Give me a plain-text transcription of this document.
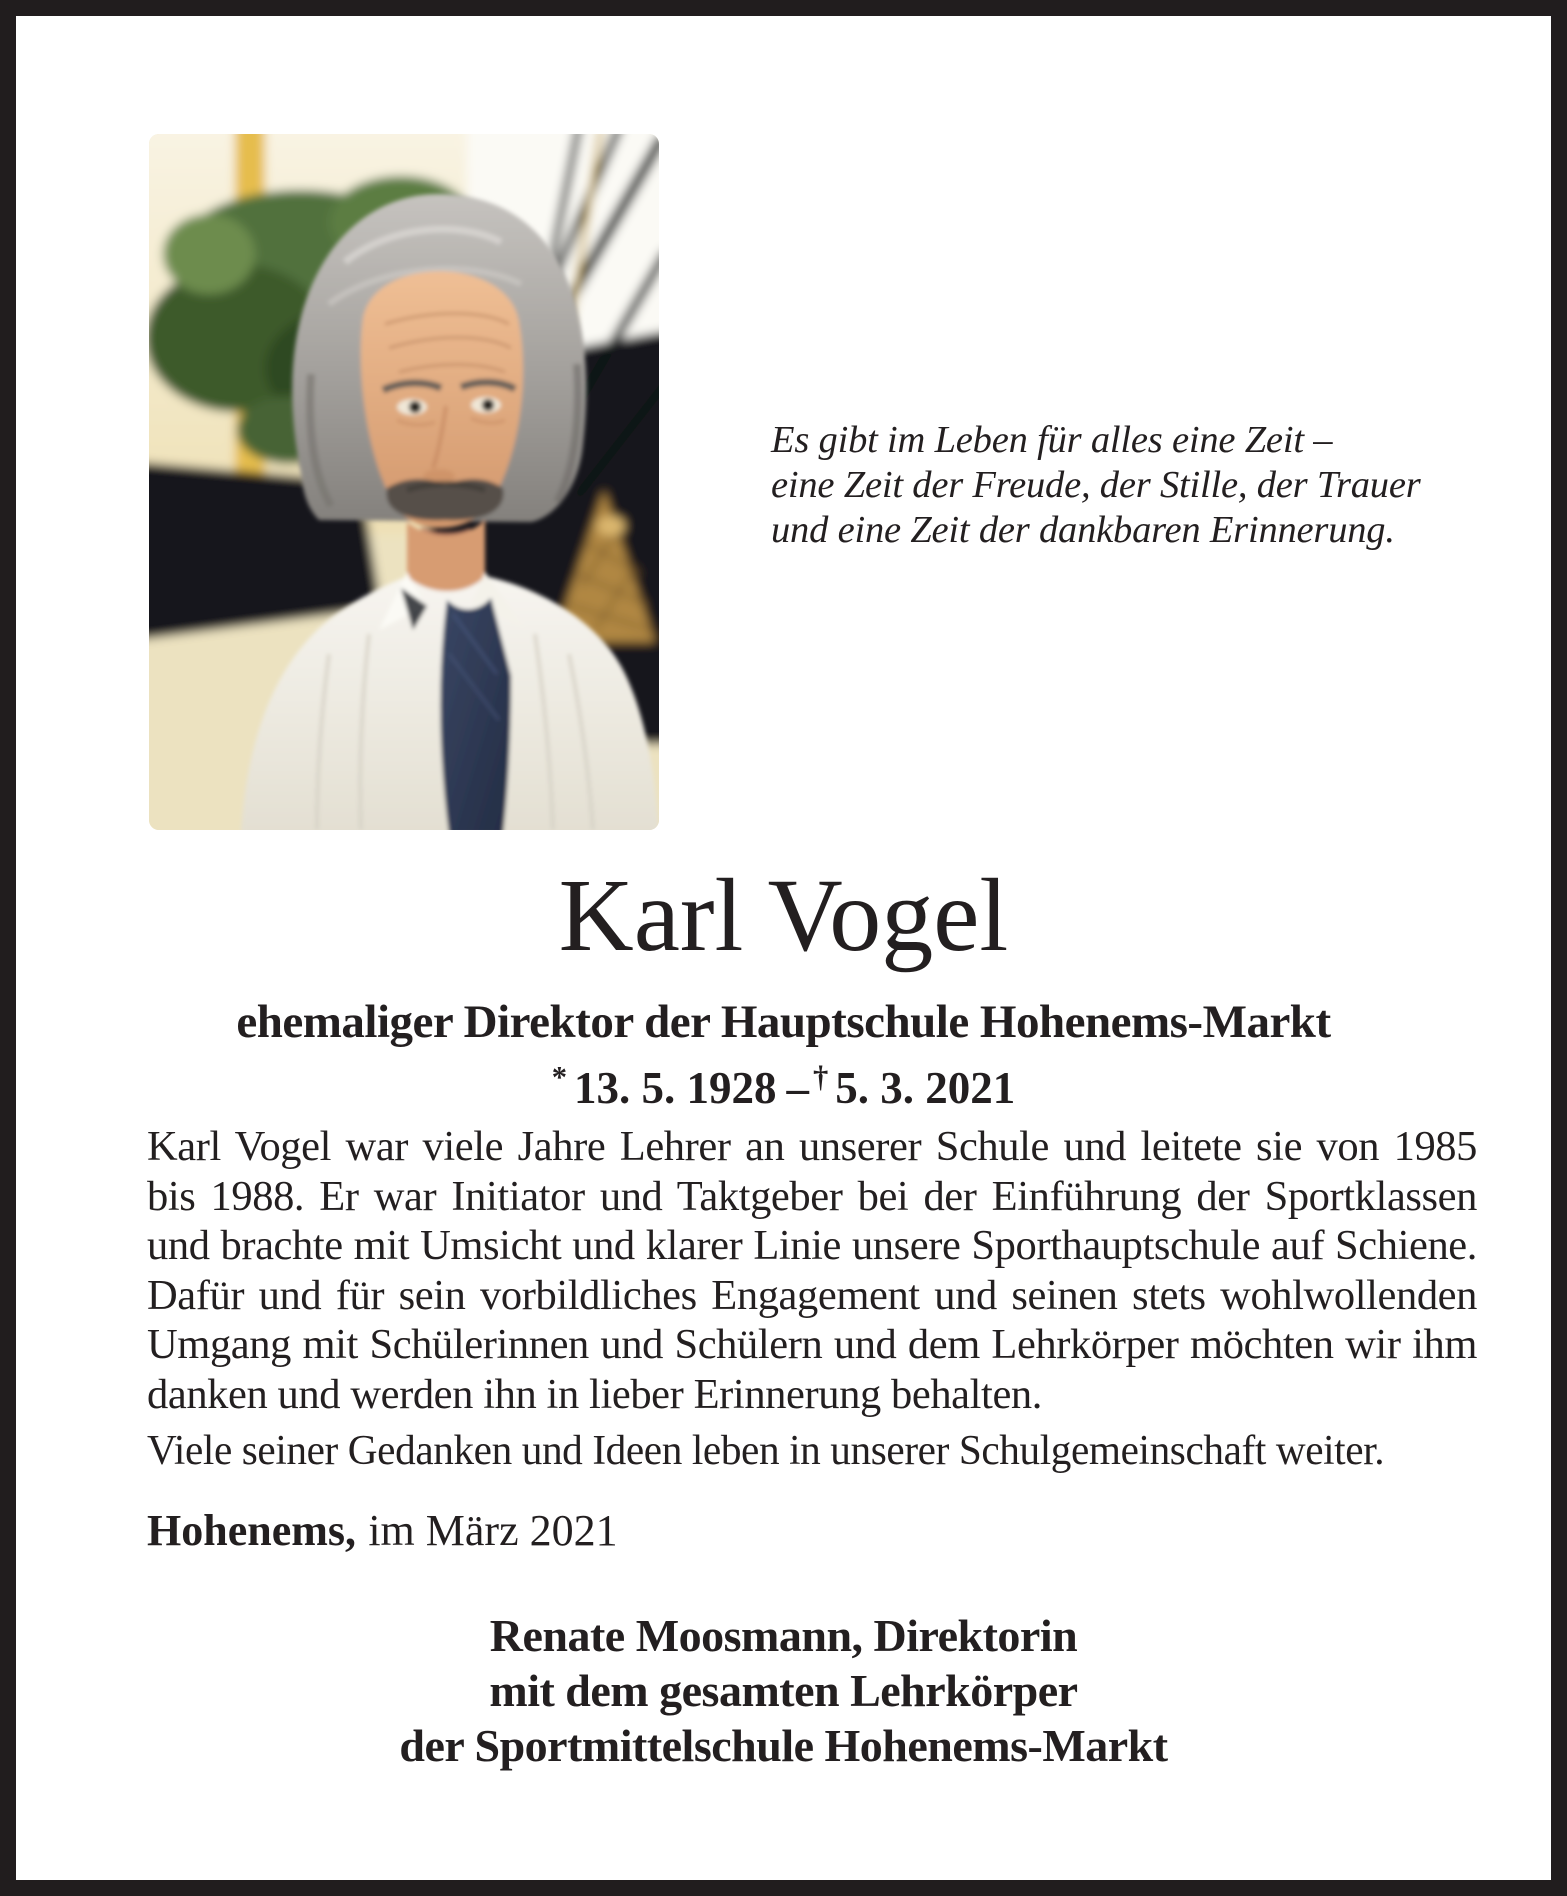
Es gibt im Leben für alles eine Zeit –
eine Zeit der Freude, der Stille, der Trauer
und eine Zeit der dankbaren Erinnerung.
Karl Vogel
ehemaliger Direktor der Hauptschule Hohenems-Markt
* 13. 5. 1928 – † 5. 3. 2021
Karl Vogel war viele Jahre Lehrer an unserer Schule und leitete sie von 1985 bis 1988. Er war Initiator und Taktgeber bei der Einführung der Sportklassen und brachte mit Umsicht und klarer Linie unsere Sporthauptschule auf Schiene. Dafür und für sein vorbildliches Engagement und seinen stets wohlwollenden Umgang mit Schülerinnen und Schülern und dem Lehrkörper möchten wir ihm danken und werden ihn in lieber Erinnerung behalten.
Viele seiner Gedanken und Ideen leben in unserer Schulgemeinschaft weiter.
Hohenems, im März 2021
Renate Moosmann, Direktorin
mit dem gesamten Lehrkörper
der Sportmittelschule Hohenems-Markt
